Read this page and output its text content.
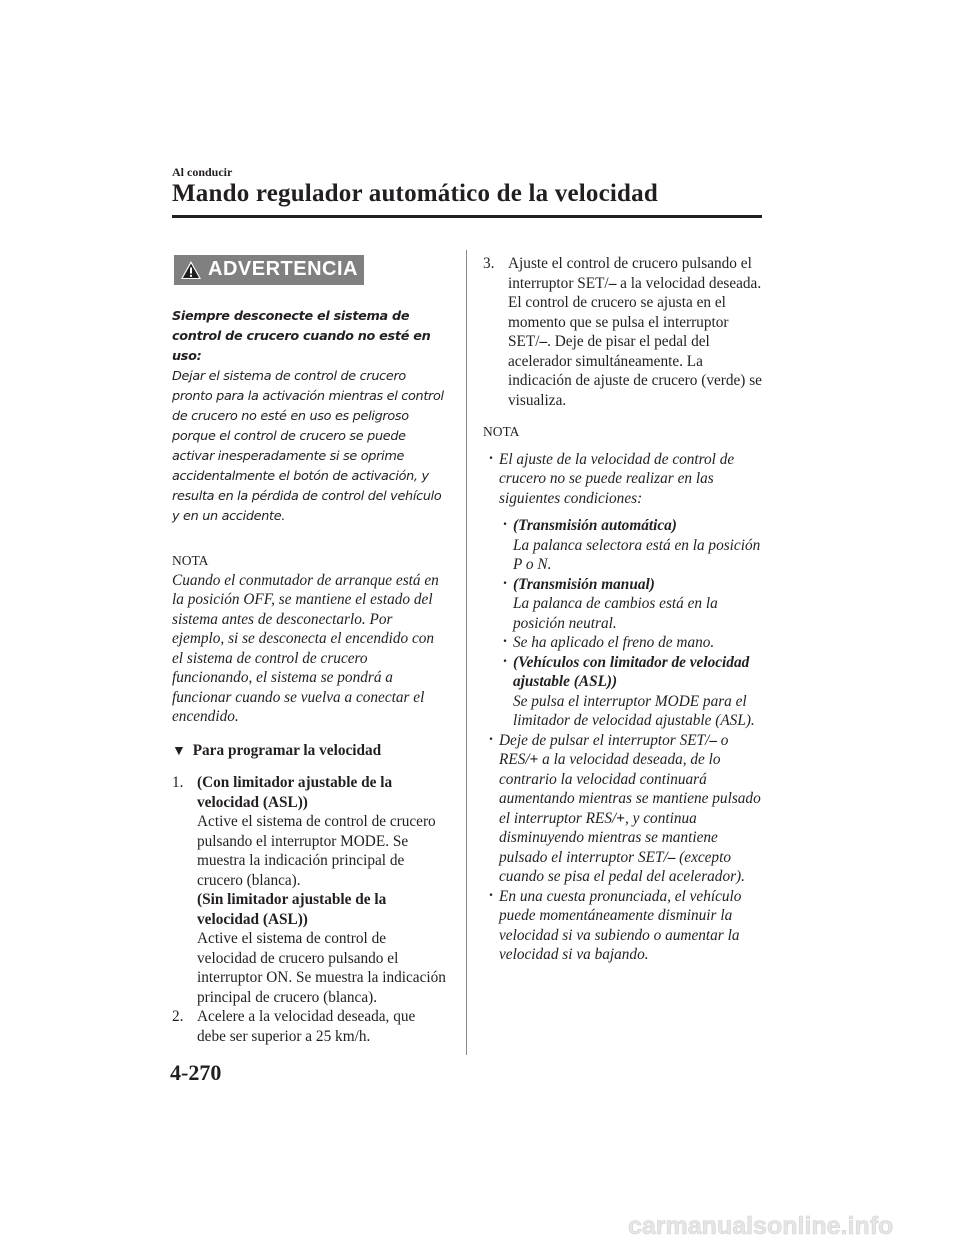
Al conducir
Mando regulador automático de la velocidad
ADVERTENCIA
Siempre desconecte el sistema de control de crucero cuando no esté en uso:
Dejar el sistema de control de crucero pronto para la activación mientras el control de crucero no esté en uso es peligroso porque el control de crucero se puede activar inesperadamente si se oprime accidentalmente el botón de activación, y resulta en la pérdida de control del vehículo y en un accidente.
NOTA
Cuando el conmutador de arranque está en la posición OFF, se mantiene el estado del sistema antes de desconectarlo. Por ejemplo, si se desconecta el encendido con el sistema de control de crucero funcionando, el sistema se pondrá a funcionar cuando se vuelva a conectar el encendido.
▼ Para programar la velocidad
1. (Con limitador ajustable de la velocidad (ASL))
Active el sistema de control de crucero pulsando el interruptor MODE. Se muestra la indicación principal de crucero (blanca).
(Sin limitador ajustable de la velocidad (ASL))
Active el sistema de control de velocidad de crucero pulsando el interruptor ON. Se muestra la indicación principal de crucero (blanca).
2. Acelere a la velocidad deseada, que debe ser superior a 25 km/h.
3. Ajuste el control de crucero pulsando el interruptor SET/– a la velocidad deseada. El control de crucero se ajusta en el momento que se pulsa el interruptor SET/–. Deje de pisar el pedal del acelerador simultáneamente. La indicación de ajuste de crucero (verde) se visualiza.
NOTA
· El ajuste de la velocidad de control de crucero no se puede realizar en las siguientes condiciones:
· (Transmisión automática)
La palanca selectora está en la posición P o N.
· (Transmisión manual)
La palanca de cambios está en la posición neutral.
· Se ha aplicado el freno de mano.
· (Vehículos con limitador de velocidad ajustable (ASL))
Se pulsa el interruptor MODE para el limitador de velocidad ajustable (ASL).
· Deje de pulsar el interruptor SET/– o RES/+ a la velocidad deseada, de lo contrario la velocidad continuará aumentando mientras se mantiene pulsado el interruptor RES/+, y continua disminuyendo mientras se mantiene pulsado el interruptor SET/– (excepto cuando se pisa el pedal del acelerador).
· En una cuesta pronunciada, el vehículo puede momentáneamente disminuir la velocidad si va subiendo o aumentar la velocidad si va bajando.
4-270
carmanualsonline.info
